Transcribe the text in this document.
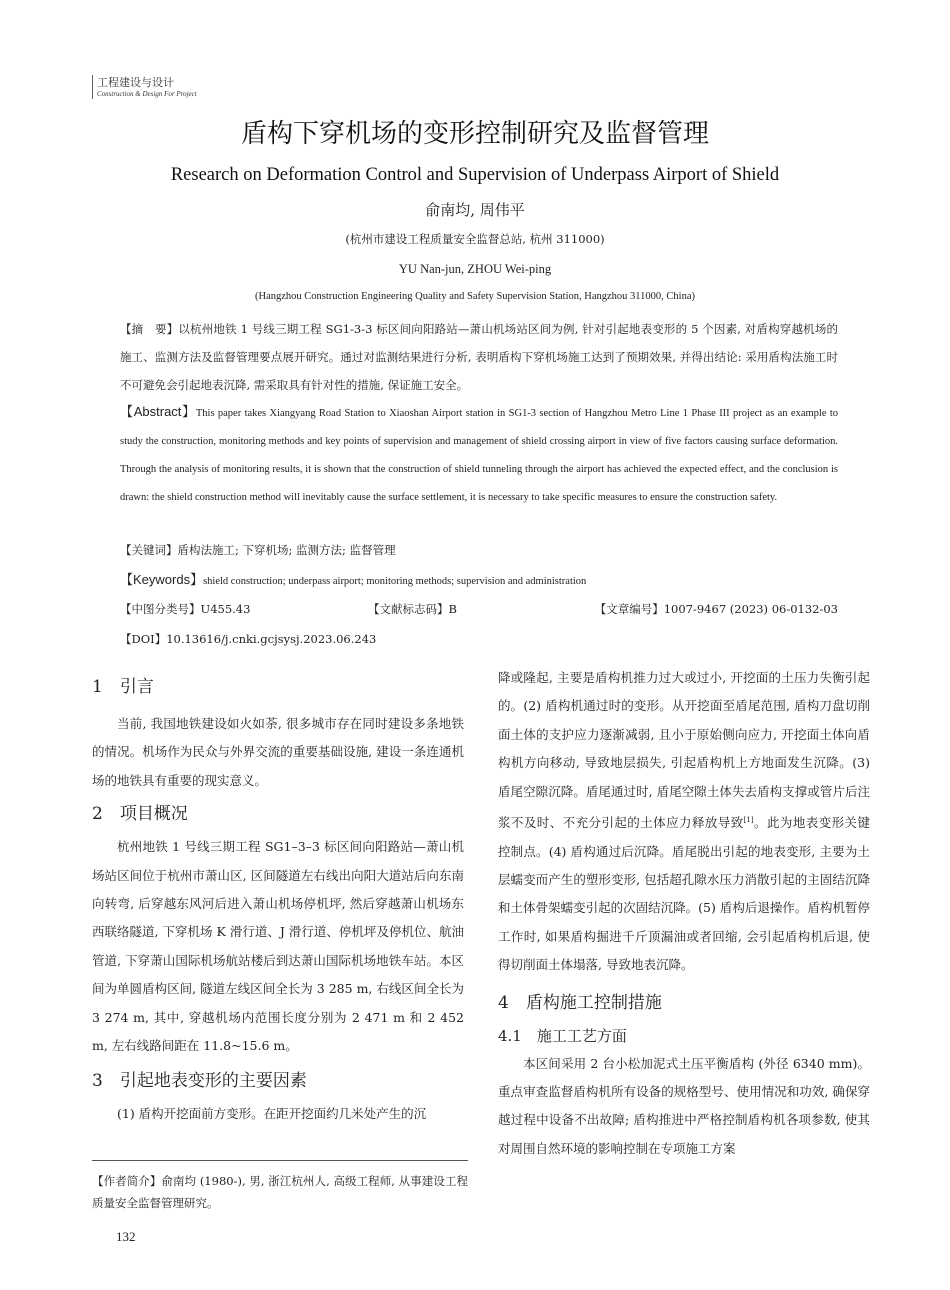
工程建设与设计
Construction & Design For Project
盾构下穿机场的变形控制研究及监督管理
Research on Deformation Control and Supervision of Underpass Airport of Shield
俞南均, 周伟平
(杭州市建设工程质量安全监督总站, 杭州 311000)
YU Nan-jun, ZHOU Wei-ping
(Hangzhou Construction Engineering Quality and Safety Supervision Station, Hangzhou 311000, China)
【摘　要】以杭州地铁 1 号线三期工程 SG1-3-3 标区间向阳路站—萧山机场站区间为例, 针对引起地表变形的 5 个因素, 对盾构穿越机场的施工、监测方法及监督管理要点展开研究。通过对监测结果进行分析, 表明盾构下穿机场施工达到了预期效果, 并得出结论: 采用盾构法施工时不可避免会引起地表沉降, 需采取具有针对性的措施, 保证施工安全。
【Abstract】This paper takes Xiangyang Road Station to Xiaoshan Airport station in SG1-3 section of Hangzhou Metro Line 1 Phase III project as an example to study the construction, monitoring methods and key points of supervision and management of shield crossing airport in view of five factors causing surface deformation. Through the analysis of monitoring results, it is shown that the construction of shield tunneling through the airport has achieved the expected effect, and the conclusion is drawn: the shield construction method will inevitably cause the surface settlement, it is necessary to take specific measures to ensure the construction safety.
【关键词】盾构法施工; 下穿机场; 监测方法; 监督管理
【Keywords】shield construction; underpass airport; monitoring methods; supervision and administration
【中图分类号】U455.43	【文献标志码】B	【文章编号】1007-9467 (2023) 06-0132-03
【DOI】10.13616/j.cnki.gcjsysj.2023.06.243
1　引言

当前, 我国地铁建设如火如荼, 很多城市存在同时建设多条地铁的情况。机场作为民众与外界交流的重要基础设施, 建设一条连通机场的地铁具有重要的现实意义。

2　项目概况

杭州地铁 1 号线三期工程 SG1–3–3 标区间向阳路站—萧山机场站区间位于杭州市萧山区, 区间隧道左右线出向阳大道站后向东南向转弯, 后穿越东风河后进入萧山机场停机坪, 然后穿越萧山机场东西联络隧道, 下穿机场 K 滑行道、J 滑行道、停机坪及停机位、航油管道, 下穿萧山国际机场航站楼后到达萧山国际机场地铁车站。本区间为单圆盾构区间, 隧道左线区间全长为 3 285 m, 右线区间全长为 3 274 m, 其中, 穿越机场内范围长度分别为 2 471 m 和 2 452 m, 左右线路间距在 11.8~15.6 m。

3　引起地表变形的主要因素

(1) 盾构开挖面前方变形。在距开挖面约几米处产生的沉

降或隆起, 主要是盾构机推力过大或过小, 开挖面的土压力失衡引起的。(2) 盾构机通过时的变形。从开挖面至盾尾范围, 盾构刀盘切削面土体的支护应力逐渐减弱, 且小于原始侧向应力, 开挖面土体向盾构机方向移动, 导致地层损失, 引起盾构机上方地面发生沉降。(3) 盾尾空隙沉降。盾尾通过时, 盾尾空隙土体失去盾构支撑或管片后注浆不及时、不充分引起的土体应力释放导致[1]。此为地表变形关键控制点。(4) 盾构通过后沉降。盾尾脱出引起的地表变形, 主要为土层蠕变而产生的塑形变形, 包括超孔隙水压力消散引起的主固结沉降和土体骨架蠕变引起的次固结沉降。(5) 盾构后退操作。盾构机暂停工作时, 如果盾构掘进千斤顶漏油或者回缩, 会引起盾构机后退, 使得切削面土体塌落, 导致地表沉降。

4　盾构施工控制措施
4.1　施工工艺方面

本区间采用 2 台小松加泥式土压平衡盾构 (外径 6340 mm)。重点审查监督盾构机所有设备的规格型号、使用情况和功效, 确保穿越过程中设备不出故障; 盾构推进中严格控制盾构机各项参数, 使其对周围自然环境的影响控制在专项施工方案

【作者简介】俞南均 (1980-), 男, 浙江杭州人, 高级工程师, 从事建设工程质量安全监督管理研究。
132
